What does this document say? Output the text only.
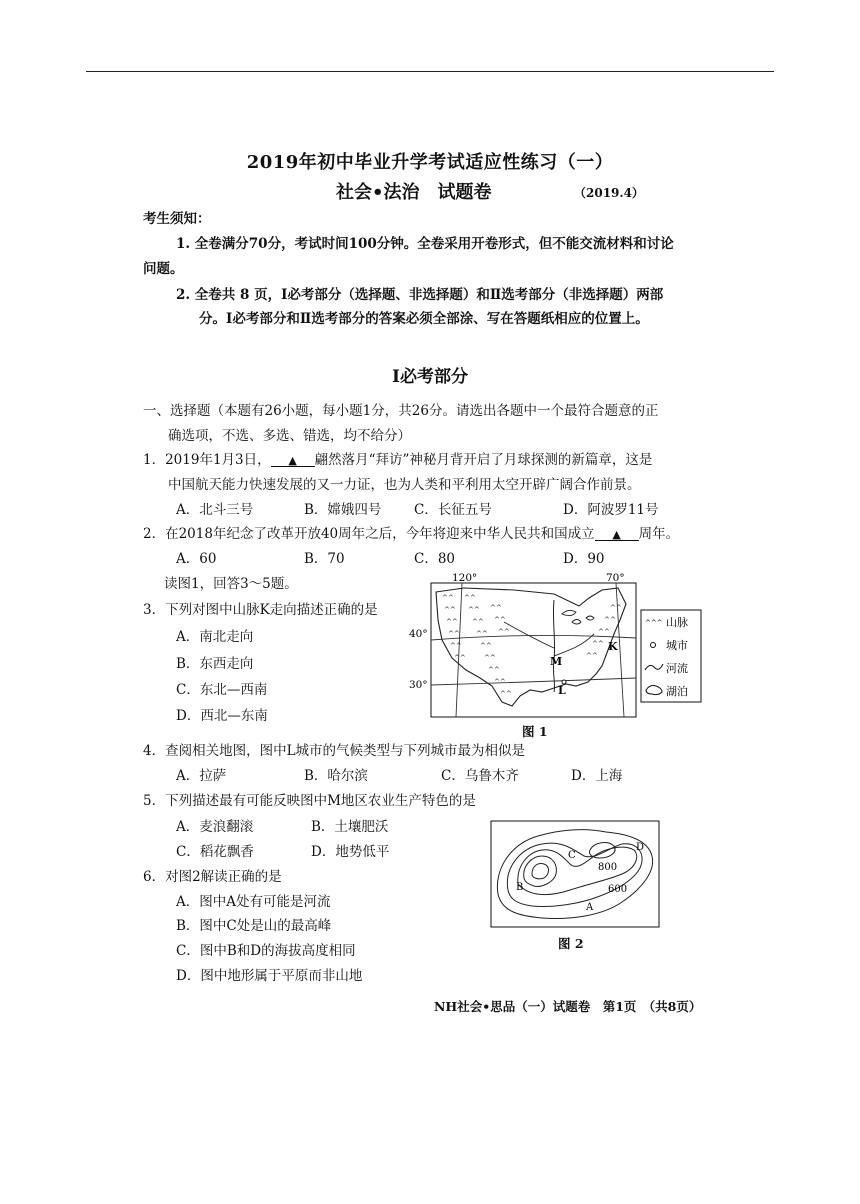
2019年初中毕业升学考试适应性练习（一）
社会•法治　试题卷	（2019.4）
考生须知：
1. 全卷满分70分，考试时间100分钟。全卷采用开卷形式，但不能交流材料和讨论
问题。
2. 全卷共 8 页，Ⅰ必考部分（选择题、非选择题）和Ⅱ选考部分（非选择题）两部
分。Ⅰ必考部分和Ⅱ选考部分的答案必须全部涂、写在答题纸相应的位置上。
Ⅰ必考部分
一、选择题（本题有26小题，每小题1分，共26分。请选出各题中一个最符合题意的正
确选项，不选、多选、错选，均不给分）
1．2019年1月3日， ▲ 翩然落月“拜访”神秘月背开启了月球探测的新篇章，这是
中国航天能力快速发展的又一力证，也为人类和平利用太空开辟广阔合作前景。
A．北斗三号	B．嫦娥四号 C．长征五号	D．阿波罗11号
2．在2018年纪念了改革开放40周年之后，今年将迎来中华人民共和国成立 ▲ 周年。
A．60	B．70	C．80	D．90
读图1，回答3～5题。
3．下列对图中山脉K走向描述正确的是
A．南北走向
B．东西走向
C．东北—西南
D．西北—东南
120°	70°
40°
30°
^^
^^
^^
^^
^^
^^
^^
^^
^^
^^
^^
^^
^^
^^
^^
^^
^^
^^
^^
^^
^^
^^
^^
K
M
L
^^^ 山脉
城市
河流
湖泊
图 1
4．查阅相关地图，图中L城市的气候类型与下列城市最为相似是
A．拉萨	B．哈尔滨	C．乌鲁木齐	D．上海
5．下列描述最有可能反映图中M地区农业生产特色的是
A．麦浪翻滚	B．土壤肥沃
C．稻花飘香	D．地势低平
6．对图2解读正确的是
A．图中A处有可能是河流
B．图中C处是山的最高峰
C．图中B和D的海拔高度相同
D．图中地形属于平原而非山地
C
D
B
A
800
600
图 2
NH社会•思品（一）试题卷　第1页　（共8页）
